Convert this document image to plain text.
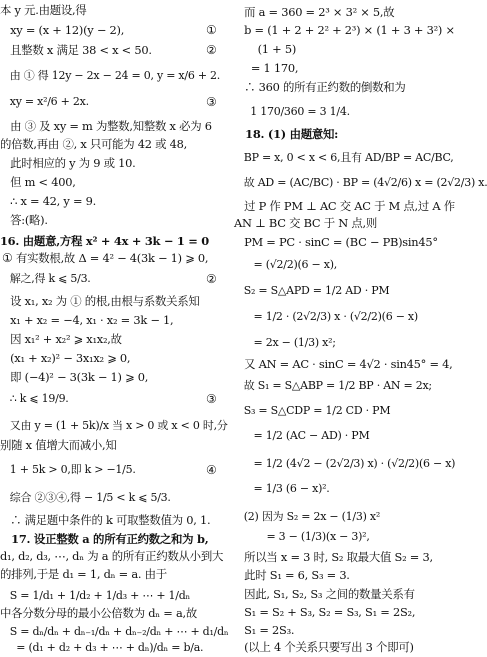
本 y 元.由题设,得
xy = (x + 12)(y − 2),	①
且整数 x 满足 38 < x < 50.	②
由 ① 得 12y − 2x − 24 = 0, y = x/6 + 2.
xy = x²/6 + 2x.	③
由 ③ 及 xy = m 为整数,知整数 x 必为 6
的倍数,再由 ②, x 只可能为 42 或 48,
此时相应的 y 为 9 或 10.
但 m < 400,
∴ x = 42, y = 9.
答:(略).
16. 由题意,方程 x² + 4x + 3k − 1 = 0
① 有实数根,故 Δ = 4² − 4(3k − 1) ⩾ 0,
解之,得 k ⩽ 5/3.	②
设 x₁, x₂ 为 ① 的根,由根与系数关系知
x₁ + x₂ = −4, x₁ · x₂ = 3k − 1,
因 x₁² + x₂² ⩾ x₁x₂,故
(x₁ + x₂)² − 3x₁x₂ ⩾ 0,
即 (−4)² − 3(3k − 1) ⩾ 0,
∴ k ⩽ 19/9.	③
又由 y = (1 + 5k)/x 当 x > 0 或 x < 0 时,分
别随 x 值增大而减小,知
1 + 5k > 0,即 k > −1/5.	④
综合 ②③④,得 − 1/5 < k ⩽ 5/3.
∴ 满足题中条件的 k 可取整数值为 0, 1.
17. 设正整数 a 的所有正约数之和为 b,
d₁, d₂, d₃, ⋯, dₙ 为 a 的所有正约数从小到大
的排列,于是 d₁ = 1, dₙ = a. 由于
S = 1/d₁ + 1/d₂ + 1/d₃ + ⋯ + 1/dₙ
中各分数分母的最小公倍数为 dₙ = a,故
S = dₙ/dₙ + dₙ₋₁/dₙ + dₙ₋₂/dₙ + ⋯ + d₁/dₙ
= (d₁ + d₂ + d₃ + ⋯ + dₙ)/dₙ = b/a.
而 a = 360 = 2³ × 3² × 5,故
b = (1 + 2 + 2² + 2³) × (1 + 3 + 3²) ×
(1 + 5)
= 1 170,
∴ 360 的所有正约数的倒数和为
1 170/360 = 3 1/4.
18. (1) 由题意知:
BP = x, 0 < x < 6,且有 AD/BP = AC/BC,
故 AD = (AC/BC) · BP = (4√2/6) x = (2√2/3) x.
过 P 作 PM ⊥ AC 交 AC 于 M 点,过 A 作
AN ⊥ BC 交 BC 于 N 点,则
PM = PC · sinC = (BC − PB)sin45°
= (√2/2)(6 − x),
S₂ = S△APD = 1/2 AD · PM
= 1/2 · (2√2/3) x · (√2/2)(6 − x)
= 2x − (1/3) x²;
又 AN = AC · sinC = 4√2 · sin45° = 4,
故 S₁ = S△ABP = 1/2 BP · AN = 2x;
S₃ = S△CDP = 1/2 CD · PM
= 1/2 (AC − AD) · PM
= 1/2 (4√2 − (2√2/3) x) · (√2/2)(6 − x)
= 1/3 (6 − x)².
(2) 因为 S₂ = 2x − (1/3) x²
= 3 − (1/3)(x − 3)²,
所以当 x = 3 时, S₂ 取最大值 S₂ = 3,
此时 S₁ = 6, S₃ = 3.
因此, S₁, S₂, S₃ 之间的数量关系有
S₁ = S₂ + S₃, S₂ = S₃, S₁ = 2S₂,
S₁ = 2S₃.
(以上 4 个关系只要写出 3 个即可)
